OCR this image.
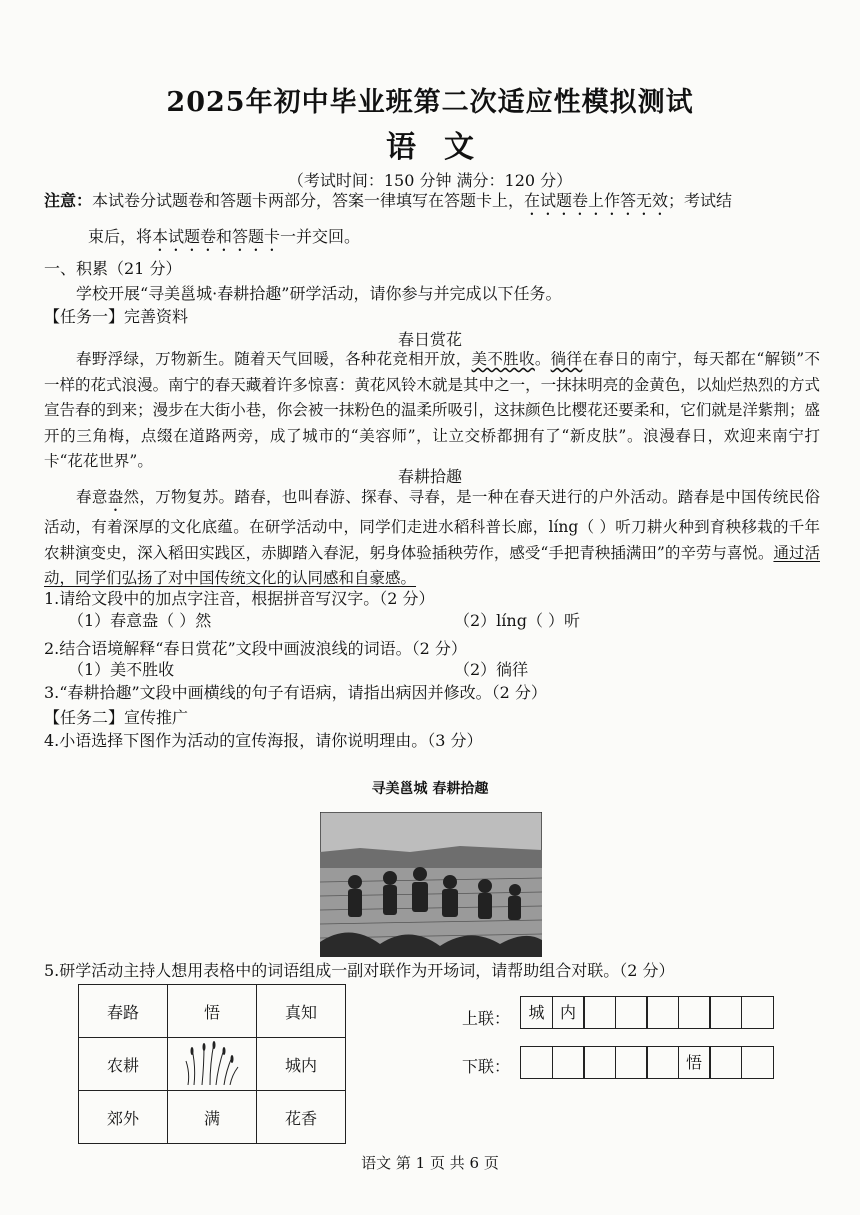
2025年初中毕业班第二次适应性模拟测试
语文
（考试时间：150 分钟 满分：120 分）
注意：本试卷分试题卷和答题卡两部分，答案一律填写在答题卡上，在试题卷上作答无效；考试结
束后，将本试题卷和答题卡一并交回。
一、积累（21 分）
学校开展“寻美邕城·春耕拾趣”研学活动，请你参与并完成以下任务。
【任务一】完善资料
春日赏花
春野浮绿，万物新生。随着天气回暖，各种花竞相开放，美不胜收。徜徉在春日的南宁，每天都在“解锁”不一样的花式浪漫。南宁的春天藏着许多惊喜：黄花风铃木就是其中之一，一抹抹明亮的金黄色，以灿烂热烈的方式宣告春的到来；漫步在大街小巷，你会被一抹粉色的温柔所吸引，这抹颜色比樱花还要柔和，它们就是洋紫荆；盛开的三角梅，点缀在道路两旁，成了城市的“美容师”，让立交桥都拥有了“新皮肤”。浪漫春日，欢迎来南宁打卡“花花世界”。
春耕拾趣
春意盎然，万物复苏。踏春，也叫春游、探春、寻春，是一种在春天进行的户外活动。踏春是中国传统民俗活动，有着深厚的文化底蕴。在研学活动中，同学们走进水稻科普长廊，líng（ ）听刀耕火种到育秧移栽的千年农耕演变史，深入稻田实践区，赤脚踏入春泥，躬身体验插秧劳作，感受“手把青秧插满田”的辛劳与喜悦。通过活动，同学们弘扬了对中国传统文化的认同感和自豪感。
1.请给文段中的加点字注音，根据拼音写汉字。（2 分）
（1）春意盎（ ）然	（2）líng（ ）听
2.结合语境解释“春日赏花”文段中画波浪线的词语。（2 分）
（1）美不胜收	（2）徜徉
3.“春耕拾趣”文段中画横线的句子有语病，请指出病因并修改。（2 分）
【任务二】宣传推广
4.小语选择下图作为活动的宣传海报，请你说明理由。（3 分）
寻美邕城 春耕拾趣
5.研学活动主持人想用表格中的词语组成一副对联作为开场词，请帮助组合对联。（2 分）
春路	悟	真知
农耕		城内
郊外	满	花香
上联：	城 内
下联：	悟
语文 第 1 页 共 6 页
